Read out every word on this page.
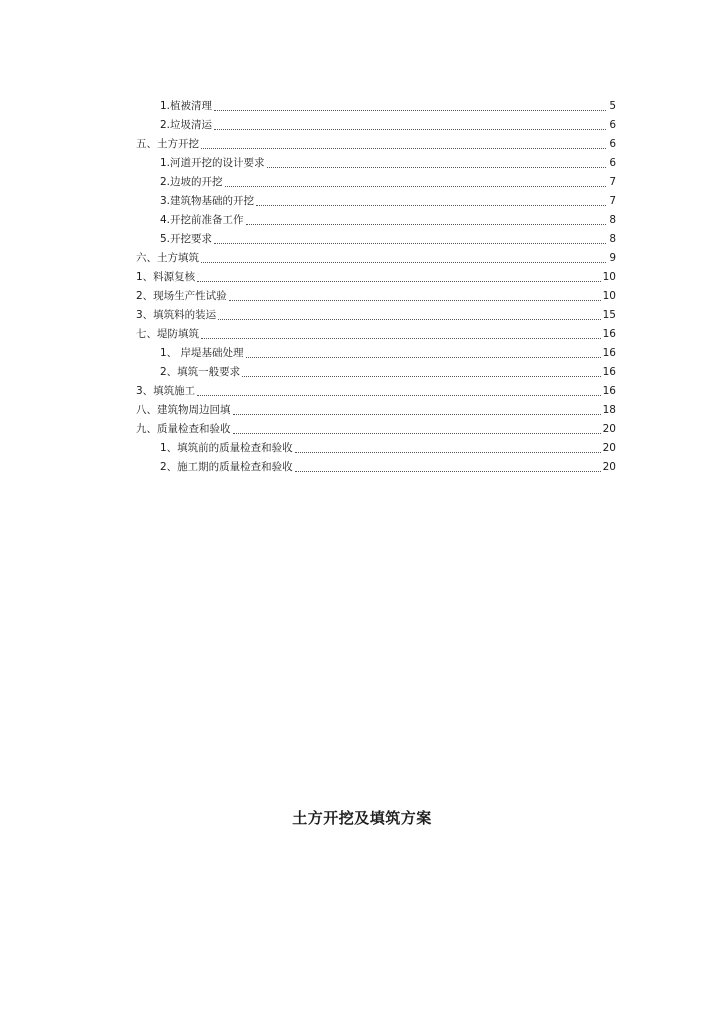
1.植被清理	5
2.垃圾清运	6
五、土方开挖	6
1.河道开挖的设计要求	6
2.边坡的开挖	7
3.建筑物基础的开挖	7
4.开挖前准备工作	8
5.开挖要求	8
六、土方填筑	9
1、料源复核	10
2、现场生产性试验	10
3、填筑料的装运	15
七、堤防填筑	16
1、 岸堤基础处理	16
2、填筑一般要求	16
3、填筑施工	16
八、建筑物周边回填	18
九、质量检查和验收	20
1、填筑前的质量检查和验收	20
2、施工期的质量检查和验收	20
土方开挖及填筑方案
